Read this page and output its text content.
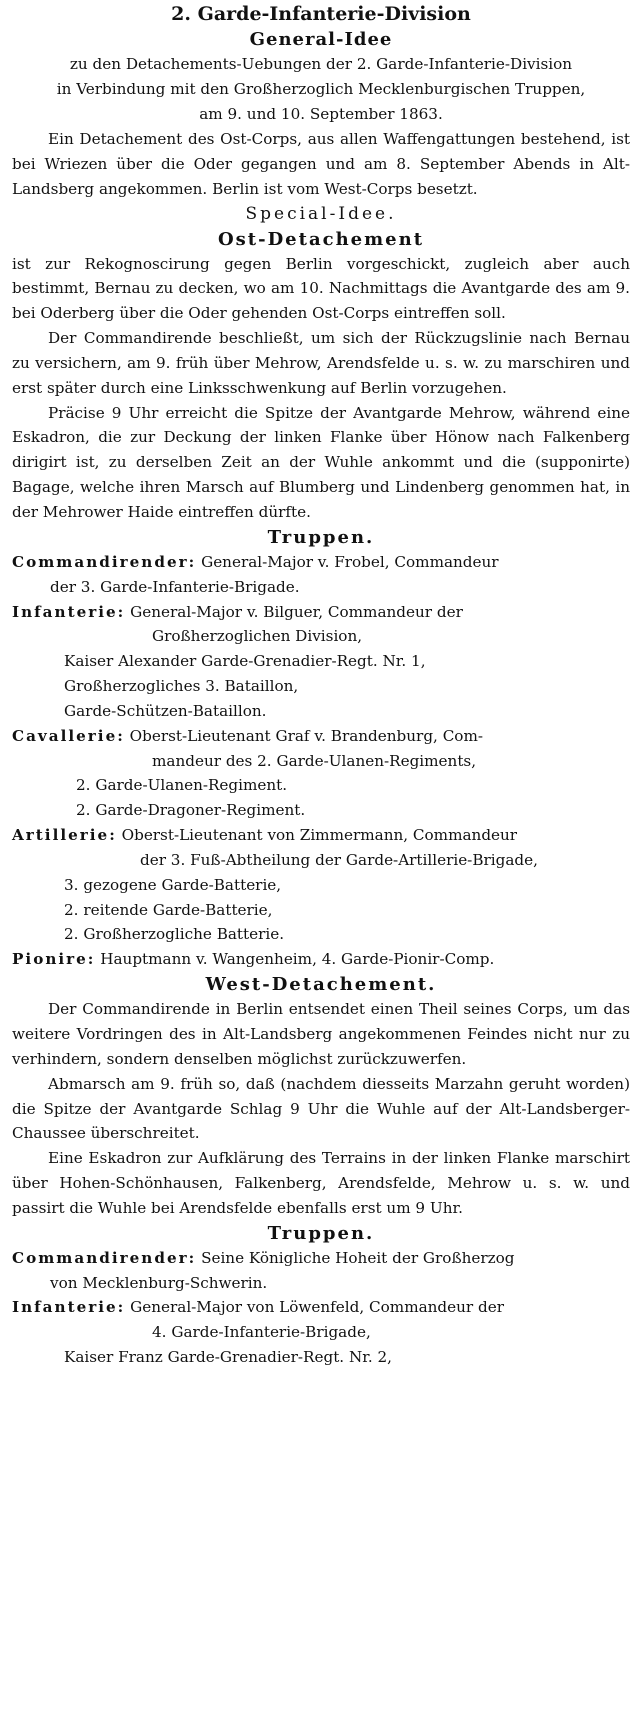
2. Garde-Infanterie-Division
General-Idee
zu den Detachements-Uebungen der 2. Garde-Infanterie-Division
in Verbindung mit den Großherzoglich Mecklenburgischen Truppen,
am 9. und 10. September 1863.

Ein Detachement des Ost-Corps, aus allen Waffengattungen bestehend, ist bei Wriezen über die Oder gegangen und am 8. September Abends in Alt-Landsberg angekommen. Berlin ist vom West-Corps besetzt.

Special-Idee.
Ost-Detachement

ist zur Rekognoscirung gegen Berlin vorgeschickt, zugleich aber auch bestimmt, Bernau zu decken, wo am 10. Nachmittags die Avantgarde des am 9. bei Oderberg über die Oder gehenden Ost-Corps eintreffen soll.

Der Commandirende beschließt, um sich der Rückzugslinie nach Bernau zu versichern, am 9. früh über Mehrow, Arendsfelde u. s. w. zu marschiren und erst später durch eine Linksschwenkung auf Berlin vorzugehen.

Präcise 9 Uhr erreicht die Spitze der Avantgarde Mehrow, während eine Eskadron, die zur Deckung der linken Flanke über Hönow nach Falkenberg dirigirt ist, zu derselben Zeit an der Wuhle ankommt und die (supponirte) Bagage, welche ihren Marsch auf Blumberg und Lindenberg genommen hat, in der Mehrower Haide eintreffen dürfte.

Truppen.
Commandirender: General-Major v. Frobel, Commandeur
der 3. Garde-Infanterie-Brigade.
Infanterie: General-Major v. Bilguer, Commandeur der
Großherzoglichen Division,
Kaiser Alexander Garde-Grenadier-Regt. Nr. 1,
Großherzogliches 3. Bataillon,
Garde-Schützen-Bataillon.
Cavallerie: Oberst-Lieutenant Graf v. Brandenburg, Com-
mandeur des 2. Garde-Ulanen-Regiments,
2. Garde-Ulanen-Regiment.
2. Garde-Dragoner-Regiment.
Artillerie: Oberst-Lieutenant von Zimmermann, Commandeur
der 3. Fuß-Abtheilung der Garde-Artillerie-Brigade,
3. gezogene Garde-Batterie,
2. reitende Garde-Batterie,
2. Großherzogliche Batterie.
Pionire: Hauptmann v. Wangenheim, 4. Garde-Pionir-Comp.
West-Detachement.

Der Commandirende in Berlin entsendet einen Theil seines Corps, um das weitere Vordringen des in Alt-Landsberg angekommenen Feindes nicht nur zu verhindern, sondern denselben möglichst zurückzuwerfen.

Abmarsch am 9. früh so, daß (nachdem diesseits Marzahn geruht worden) die Spitze der Avantgarde Schlag 9 Uhr die Wuhle auf der Alt-Landsberger-Chaussee überschreitet.

Eine Eskadron zur Aufklärung des Terrains in der linken Flanke marschirt über Hohen-Schönhausen, Falkenberg, Arendsfelde, Mehrow u. s. w. und passirt die Wuhle bei Arendsfelde ebenfalls erst um 9 Uhr.

Truppen.
Commandirender: Seine Königliche Hoheit der Großherzog
von Mecklenburg-Schwerin.
Infanterie: General-Major von Löwenfeld, Commandeur der
4. Garde-Infanterie-Brigade,
Kaiser Franz Garde-Grenadier-Regt. Nr. 2,
